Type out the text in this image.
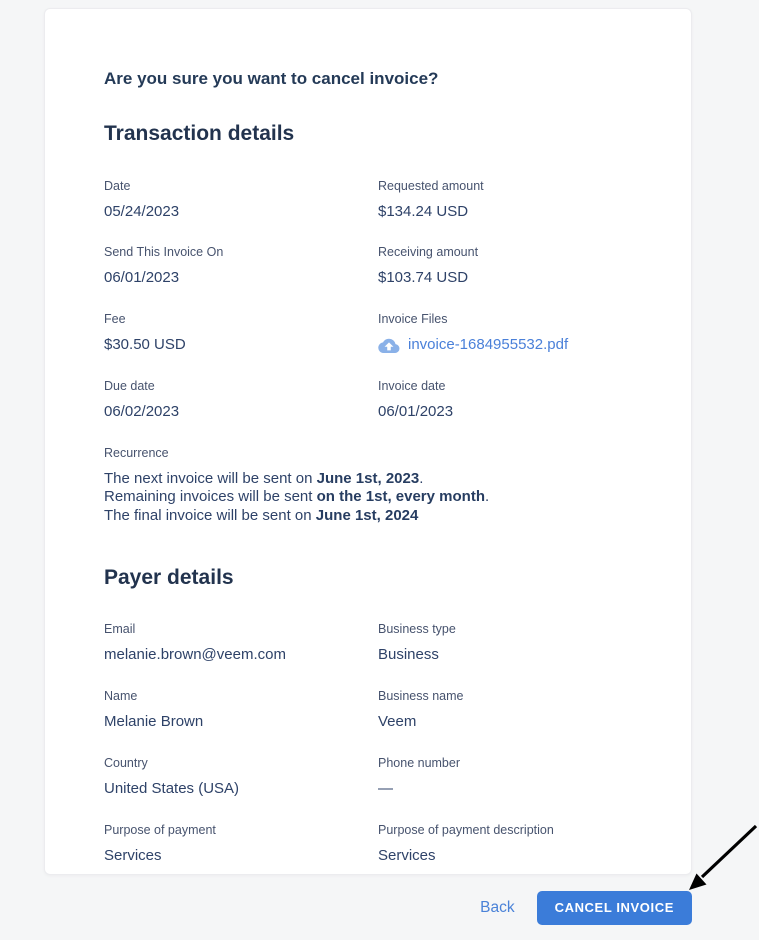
Are you sure you want to cancel invoice?
Transaction details
Date
05/24/2023
Requested amount
$134.24 USD
Send This Invoice On
06/01/2023
Receiving amount
$103.74 USD
Fee
$30.50 USD
Invoice Files
invoice-1684955532.pdf
Due date
06/02/2023
Invoice date
06/01/2023
Recurrence

The next invoice will be sent on June 1st, 2023.

Remaining invoices will be sent on the 1st, every month.

The final invoice will be sent on June 1st, 2024

Payer details
Email
melanie.brown@veem.com
Business type
Business
Name
Melanie Brown
Business name
Veem
Country
United States (USA)
Phone number
—
Purpose of payment
Services
Purpose of payment description
Services
Back	CANCEL INVOICE
